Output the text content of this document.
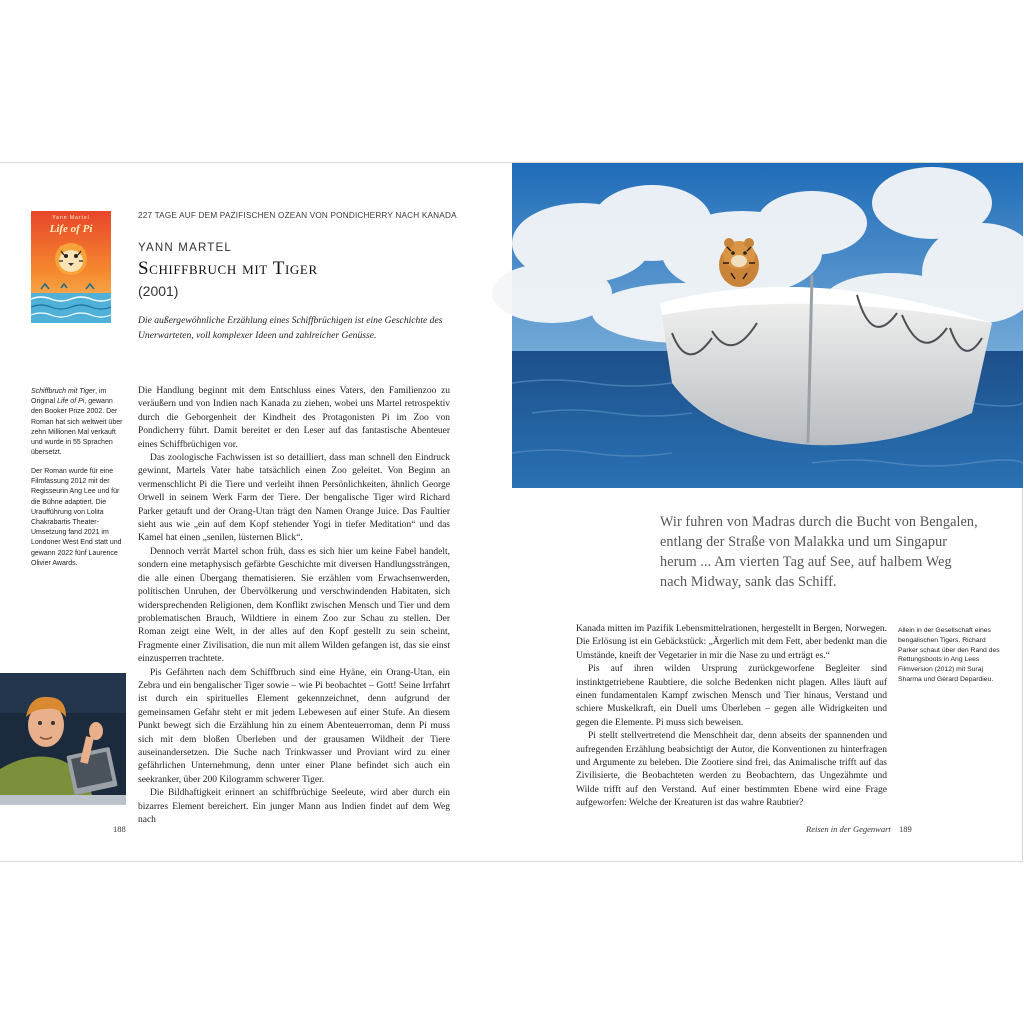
227 TAGE AUF DEM PAZIFISCHEN OZEAN VON PONDICHERRY NACH KANADA
Yann Martel
Life of Pi
YANN MARTEL
Schiffbruch mit Tiger
(2001)
Die außergewöhnliche Erzählung eines Schiffbrüchigen ist eine Geschichte des Unerwarteten, voll komplexer Ideen und zahlreicher Genüsse.
Schiffbruch mit Tiger, im Original Life of Pi, gewann den Booker Prize 2002. Der Roman hat sich weltweit über zehn Millionen Mal verkauft und wurde in 55 Sprachen übersetzt.
Der Roman wurde für eine Filmfassung 2012 mit der Regisseurin Ang Lee und für die Bühne adaptiert. Die Uraufführung von Lolita Chakrabartis Theater-Umsetzung fand 2021 im Londoner West End statt und gewann 2022 fünf Laurence Olivier Awards.

Die Handlung beginnt mit dem Entschluss eines Vaters, den Familienzoo zu veräußern und von Indien nach Kanada zu ziehen, wobei uns Martel retrospektiv durch die Geborgenheit der Kindheit des Protagonisten Pi im Zoo von Pondicherry führt. Damit bereitet er den Leser auf das fantastische Abenteuer eines Schiffbrüchigen vor.

Das zoologische Fachwissen ist so detailliert, dass man schnell den Eindruck gewinnt, Martels Vater habe tatsächlich einen Zoo geleitet. Von Beginn an vermenschlicht Pi die Tiere und verleiht ihnen Persönlichkeiten, ähnlich George Orwell in seinem Werk Farm der Tiere. Der bengalische Tiger wird Richard Parker getauft und der Orang-Utan trägt den Namen Orange Juice. Das Faultier sieht aus wie „ein auf dem Kopf stehender Yogi in tiefer Meditation“ und das Kamel hat einen „senilen, lüsternen Blick“.

Dennoch verrät Martel schon früh, dass es sich hier um keine Fabel handelt, sondern eine metaphysisch gefärbte Geschichte mit diversen Handlungssträngen, die alle einen Übergang thematisieren. Sie erzählen vom Erwachsenwerden, politischen Unruhen, der Übervölkerung und verschwindenden Habitaten, sich widersprechenden Religionen, dem Konflikt zwischen Mensch und Tier und dem problematischen Brauch, Wildtiere in einem Zoo zur Schau zu stellen. Der Roman zeigt eine Welt, in der alles auf den Kopf gestellt zu sein scheint, Fragmente einer Zivilisation, die nun mit allem Wilden gefangen ist, das sie einst einzusperren trachtete.

Pis Gefährten nach dem Schiffbruch sind eine Hyäne, ein Orang-Utan, ein Zebra und ein bengalischer Tiger sowie – wie Pi beobachtet – Gott! Seine Irrfahrt ist durch ein spirituelles Element gekennzeichnet, denn aufgrund der gemeinsamen Gefahr steht er mit jedem Lebewesen auf einer Stufe. An diesem Punkt bewegt sich die Erzählung hin zu einem Abenteuerroman, denn Pi muss sich mit dem bloßen Überleben und der grausamen Wildheit der Tiere auseinandersetzen. Die Suche nach Trinkwasser und Proviant wird zu einer gefährlichen Unternehmung, denn unter einer Plane befindet sich auch ein seekranker, über 200 Kilogramm schwerer Tiger.

Die Bildhaftigkeit erinnert an schiffbrüchige Seeleute, wird aber durch ein bizarres Element bereichert. Ein junger Mann aus Indien findet auf dem Weg nach

188
Wir fuhren von Madras durch die Bucht von Bengalen, entlang der Straße von Malakka und um Singapur herum ... Am vierten Tag auf See, auf halbem Weg nach Midway, sank das Schiff.

Kanada mitten im Pazifik Lebensmittelrationen, hergestellt in Bergen, Norwegen. Die Erlösung ist ein Gebäckstück: „Ärgerlich mit dem Fett, aber bedenkt man die Umstände, kneift der Vegetarier in mir die Nase zu und erträgt es.“

Pis auf ihren wilden Ursprung zurückgeworfene Begleiter sind instinktgetriebene Raubtiere, die solche Bedenken nicht plagen. Alles läuft auf einen fundamentalen Kampf zwischen Mensch und Tier hinaus, Verstand und schiere Muskelkraft, ein Duell ums Überleben – gegen alle Widrigkeiten und gegen die Elemente. Pi muss sich beweisen.

Pi stellt stellvertretend die Menschheit dar, denn abseits der spannenden und aufregenden Erzählung beabsichtigt der Autor, die Konventionen zu hinterfragen und Argumente zu beleben. Die Zootiere sind frei, das Animalische trifft auf das Zivilisierte, die Beobachteten werden zu Beobachtern, das Ungezähmte und Wilde trifft auf den Verstand. Auf einer bestimmten Ebene wird eine Frage aufgeworfen: Welche der Kreaturen ist das wahre Raubtier?

Allein in der Gesellschaft eines bengalischen Tigers. Richard Parker schaut über den Rand des Rettungsboots in Ang Lees Filmversion (2012) mit Suraj Sharma und Gérard Depardieu.
Reisen in der Gegenwart 189
